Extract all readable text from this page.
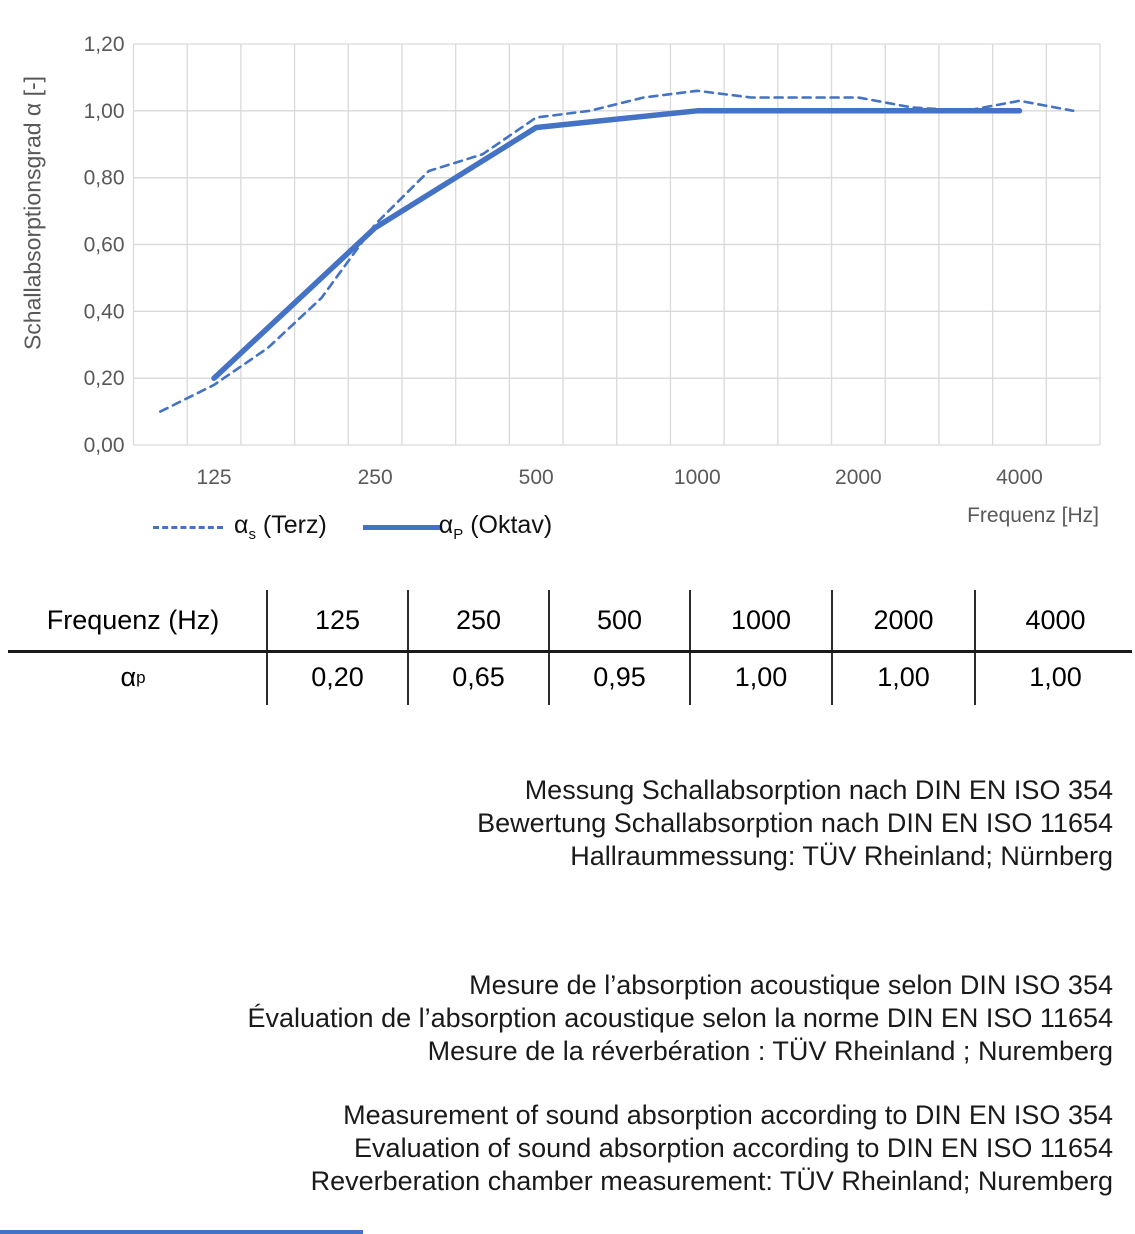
0,00
0,20
0,40
0,60
0,80
1,00
1,20
125	250	500	1000	2000	4000
Schallabsorptionsgrad α [-]
Frequenz [Hz]
$\alpha_s$ (Terz)	$\alpha_P$ (Oktav)
Frequenz (Hz)	125	250	500	1000	2000	4000
α p	0,20	0,65	0,95	1,00	1,00	1,00
Messung Schallabsorption nach DIN EN ISO 354
Bewertung Schallabsorption nach DIN EN ISO 11654
Hallraummessung: TÜV Rheinland; Nürnberg
Mesure de l’absorption acoustique selon DIN ISO 354
Évaluation de l’absorption acoustique selon la norme DIN EN ISO 11654
Mesure de la réverbération : TÜV Rheinland ; Nuremberg
Measurement of sound absorption according to DIN EN ISO 354
Evaluation of sound absorption according to DIN EN ISO 11654
Reverberation chamber measurement: TÜV Rheinland; Nuremberg
